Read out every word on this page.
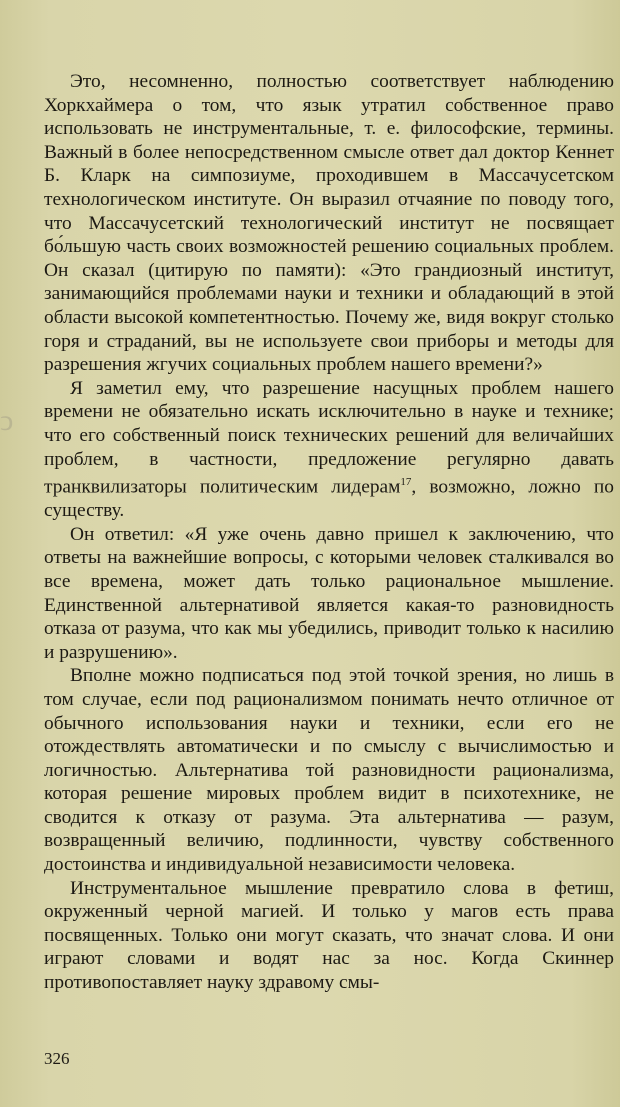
ↄ

Это, несомненно, полностью соответствует наблюдению Хоркхаймера о том, что язык утратил собственное право использовать не инструментальные, т. е. философские, термины. Важный в более непосредственном смысле ответ дал доктор Кеннет Б. Кларк на симпозиуме, проходившем в Массачусетском технологическом институте. Он выразил отчаяние по поводу того, что Массачусетский технологический институт не посвящает бо́льшую часть своих возможностей решению социальных проблем. Он сказал (цитирую по памяти): «Это грандиозный институт, занимающийся проблемами науки и техники и обладающий в этой области высокой компетентностью. Почему же, видя вокруг столько горя и страданий, вы не используете свои приборы и методы для разрешения жгучих социальных проблем нашего времени?»

Я заметил ему, что разрешение насущных проблем нашего времени не обязательно искать исключительно в науке и технике; что его собственный поиск технических решений для величайших проблем, в частности, предложение регулярно давать транквилизаторы политическим лидерам$^{17}$, возможно, ложно по существу.

Он ответил: «Я уже очень давно пришел к заключению, что ответы на важнейшие вопросы, с которыми человек сталкивался во все времена, может дать только рациональное мышление. Единственной альтернативой является какая-то разновидность отказа от разума, что как мы убедились, приводит только к насилию и разрушению».

Вполне можно подписаться под этой точкой зрения, но лишь в том случае, если под рационализмом понимать нечто отличное от обычного использования науки и техники, если его не отождествлять автоматически и по смыслу с вычислимостью и логичностью. Альтернатива той разновидности рационализма, которая решение мировых проблем видит в психотехнике, не сводится к отказу от разума. Эта альтернатива — разум, возвращенный величию, подлинности, чувству собственного достоинства и индивидуальной независимости человека.

Инструментальное мышление превратило слова в фетиш, окруженный черной магией. И только у магов есть права посвященных. Только они могут сказать, что значат слова. И они играют словами и водят нас за нос. Когда Скиннер противопоставляет науку здравому смы-

326
